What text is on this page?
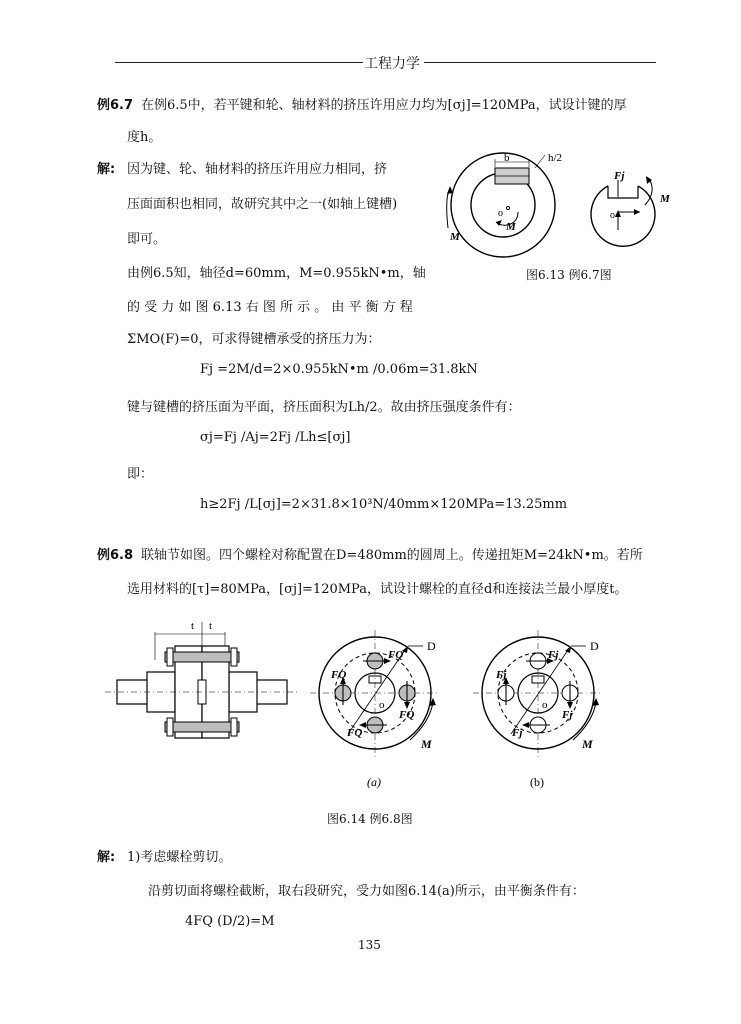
工程力学
例6.7 在例6.5中，若平键和轮、轴材料的挤压许用应力均为[σj]=120MPa，试设计键的厚
度h。
解: 因为键、轮、轴材料的挤压许用应力相同，挤
压面面积也相同，故研究其中之一(如轴上键槽)
即可。
由例6.5知，轴径d=60mm，M=0.955kN•m，轴
的 受 力 如 图 6.13 右 图 所 示 。 由 平 衡 方 程
ΣMO(F)=0，可求得键槽承受的挤压力为：
Fj =2M/d=2×0.955kN•m /0.06m=31.8kN
键与键槽的挤压面为平面，挤压面积为Lh/2。故由挤压强度条件有：
σj=Fj /Aj=2Fj /Lh≤[σj]
即：
h≥2Fj /L[σj]=2×31.8×10³N/40mm×120MPa=13.25mm
b	h/2
o
M
M
o
Fj
M
图6.13 例6.7图
例6.8 联轴节如图。四个螺栓对称配置在D=480mm的圆周上。传递扭矩M=24kN•m。若所
选用材料的[τ]=80MPa，[σj]=120MPa，试设计螺栓的直径d和连接法兰最小厚度t。
t t
D
o
FQ
FQ
FQ
FQ
M
(a)
D
o
Fj
Fj
Fj
Fj
M
(b)
图6.14 例6.8图
解: 1)考虑螺栓剪切。
沿剪切面将螺栓截断，取右段研究，受力如图6.14(a)所示，由平衡条件有：
4FQ (D/2)=M
135
